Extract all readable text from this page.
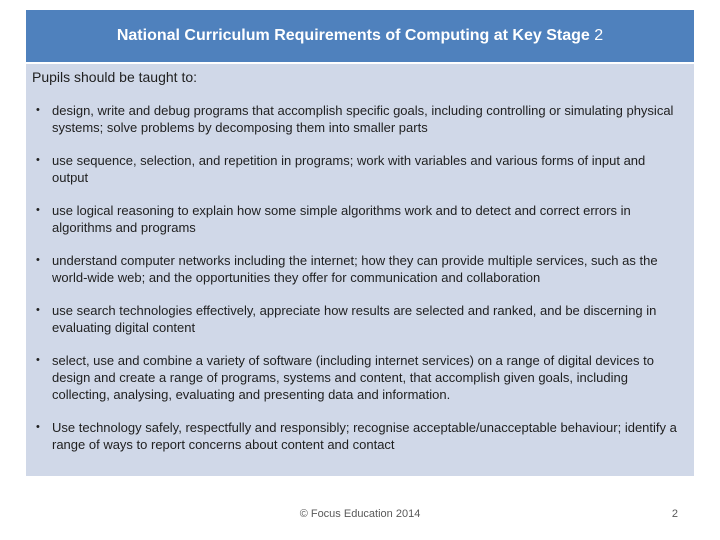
National Curriculum Requirements of Computing at Key Stage 2

Pupils should be taught to:

• design, write and debug programs that accomplish specific goals, including controlling or simulating physical systems; solve problems by decomposing them into smaller parts
• use sequence, selection, and repetition in programs; work with variables and various forms of input and output
• use logical reasoning to explain how some simple algorithms work and to detect and correct errors in algorithms and programs
• understand computer networks including the internet; how they can provide multiple services, such as the world-wide web; and the opportunities they offer for communication and collaboration
• use search technologies effectively, appreciate how results are selected and ranked, and be discerning in evaluating digital content
• select, use and combine a variety of software (including internet services) on a range of digital devices to design and create a range of programs, systems and content, that accomplish given goals, including collecting, analysing, evaluating and presenting data and information.
• Use technology safely, respectfully and responsibly; recognise acceptable/unacceptable behaviour; identify a range of ways to report concerns about content and contact
© Focus Education 2014	2
